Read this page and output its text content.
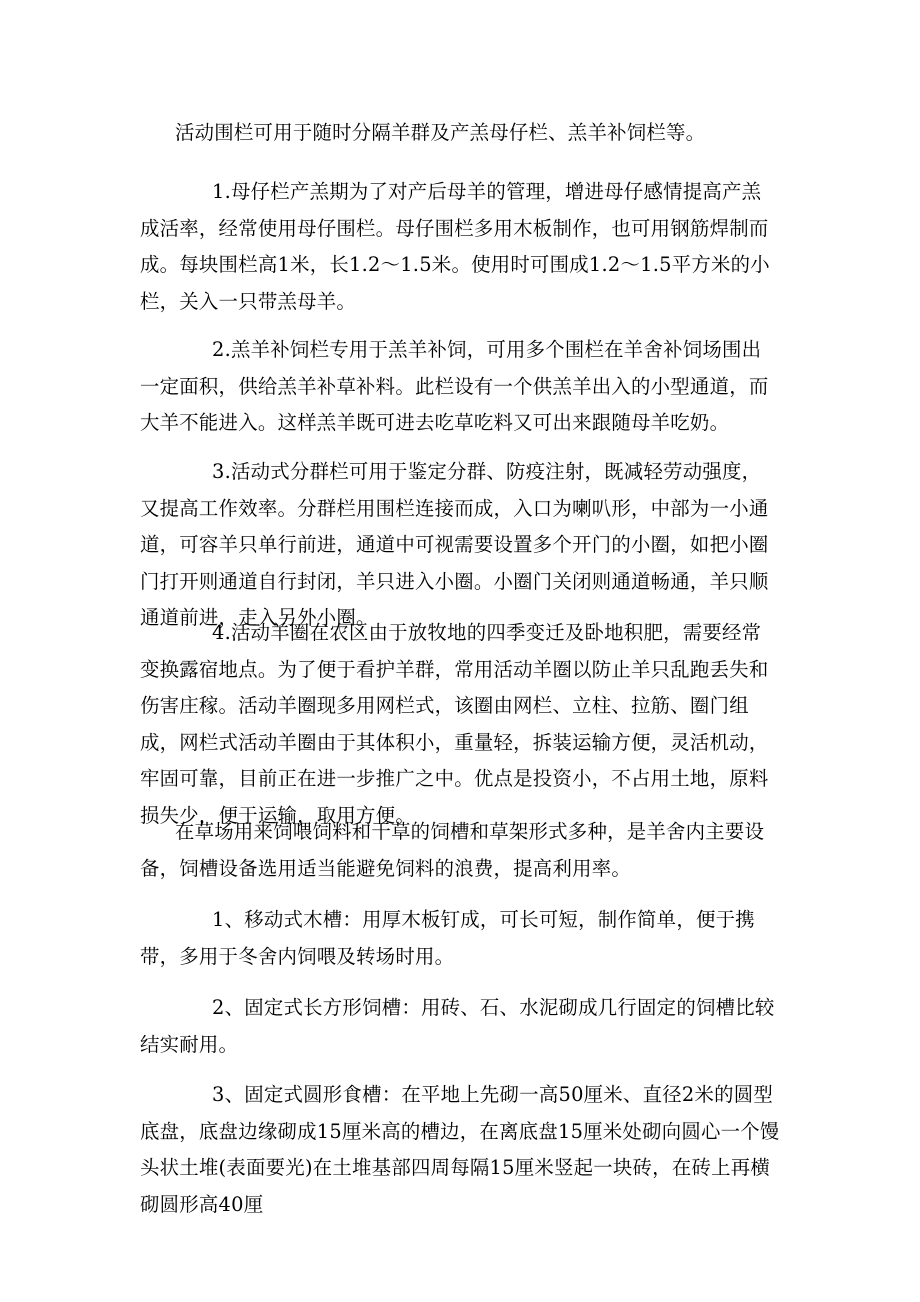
活动围栏可用于随时分隔羊群及产羔母仔栏、羔羊补饲栏等。

1.母仔栏产羔期为了对产后母羊的管理，增进母仔感情提高产羔成活率，经常使用母仔围栏。母仔围栏多用木板制作，也可用钢筋焊制而成。每块围栏高1米，长1.2～1.5米。使用时可围成1.2～1.5平方米的小栏，关入一只带羔母羊。

2.羔羊补饲栏专用于羔羊补饲，可用多个围栏在羊舍补饲场围出一定面积，供给羔羊补草补料。此栏设有一个供羔羊出入的小型通道，而大羊不能进入。这样羔羊既可进去吃草吃料又可出来跟随母羊吃奶。

3.活动式分群栏可用于鉴定分群、防疫注射，既减轻劳动强度，又提高工作效率。分群栏用围栏连接而成，入口为喇叭形，中部为一小通道，可容羊只单行前进，通道中可视需要设置多个开门的小圈，如把小圈门打开则通道自行封闭，羊只进入小圈。小圈门关闭则通道畅通，羊只顺通道前进，走入另外小圈。

4.活动羊圈在农区由于放牧地的四季变迁及卧地积肥，需要经常变换露宿地点。为了便于看护羊群，常用活动羊圈以防止羊只乱跑丢失和伤害庄稼。活动羊圈现多用网栏式，该圈由网栏、立柱、拉筋、圈门组成，网栏式活动羊圈由于其体积小，重量轻，拆装运输方便，灵活机动，牢固可靠，目前正在进一步推广之中。优点是投资小，不占用土地，原料损失少，便于运输，取用方便。

在草场用来饲喂饲料和干草的饲槽和草架形式多种，是羊舍内主要设备，饲槽设备选用适当能避免饲料的浪费，提高利用率。

1、移动式木槽：用厚木板钉成，可长可短，制作简单，便于携带，多用于冬舍内饲喂及转场时用。

2、固定式长方形饲槽：用砖、石、水泥砌成几行固定的饲槽比较结实耐用。

3、固定式圆形食槽：在平地上先砌一高50厘米、直径2米的圆型底盘，底盘边缘砌成15厘米高的槽边，在离底盘15厘米处砌向圆心一个馒头状土堆(表面要光)在土堆基部四周每隔15厘米竖起一块砖，在砖上再横砌圆形高40厘
